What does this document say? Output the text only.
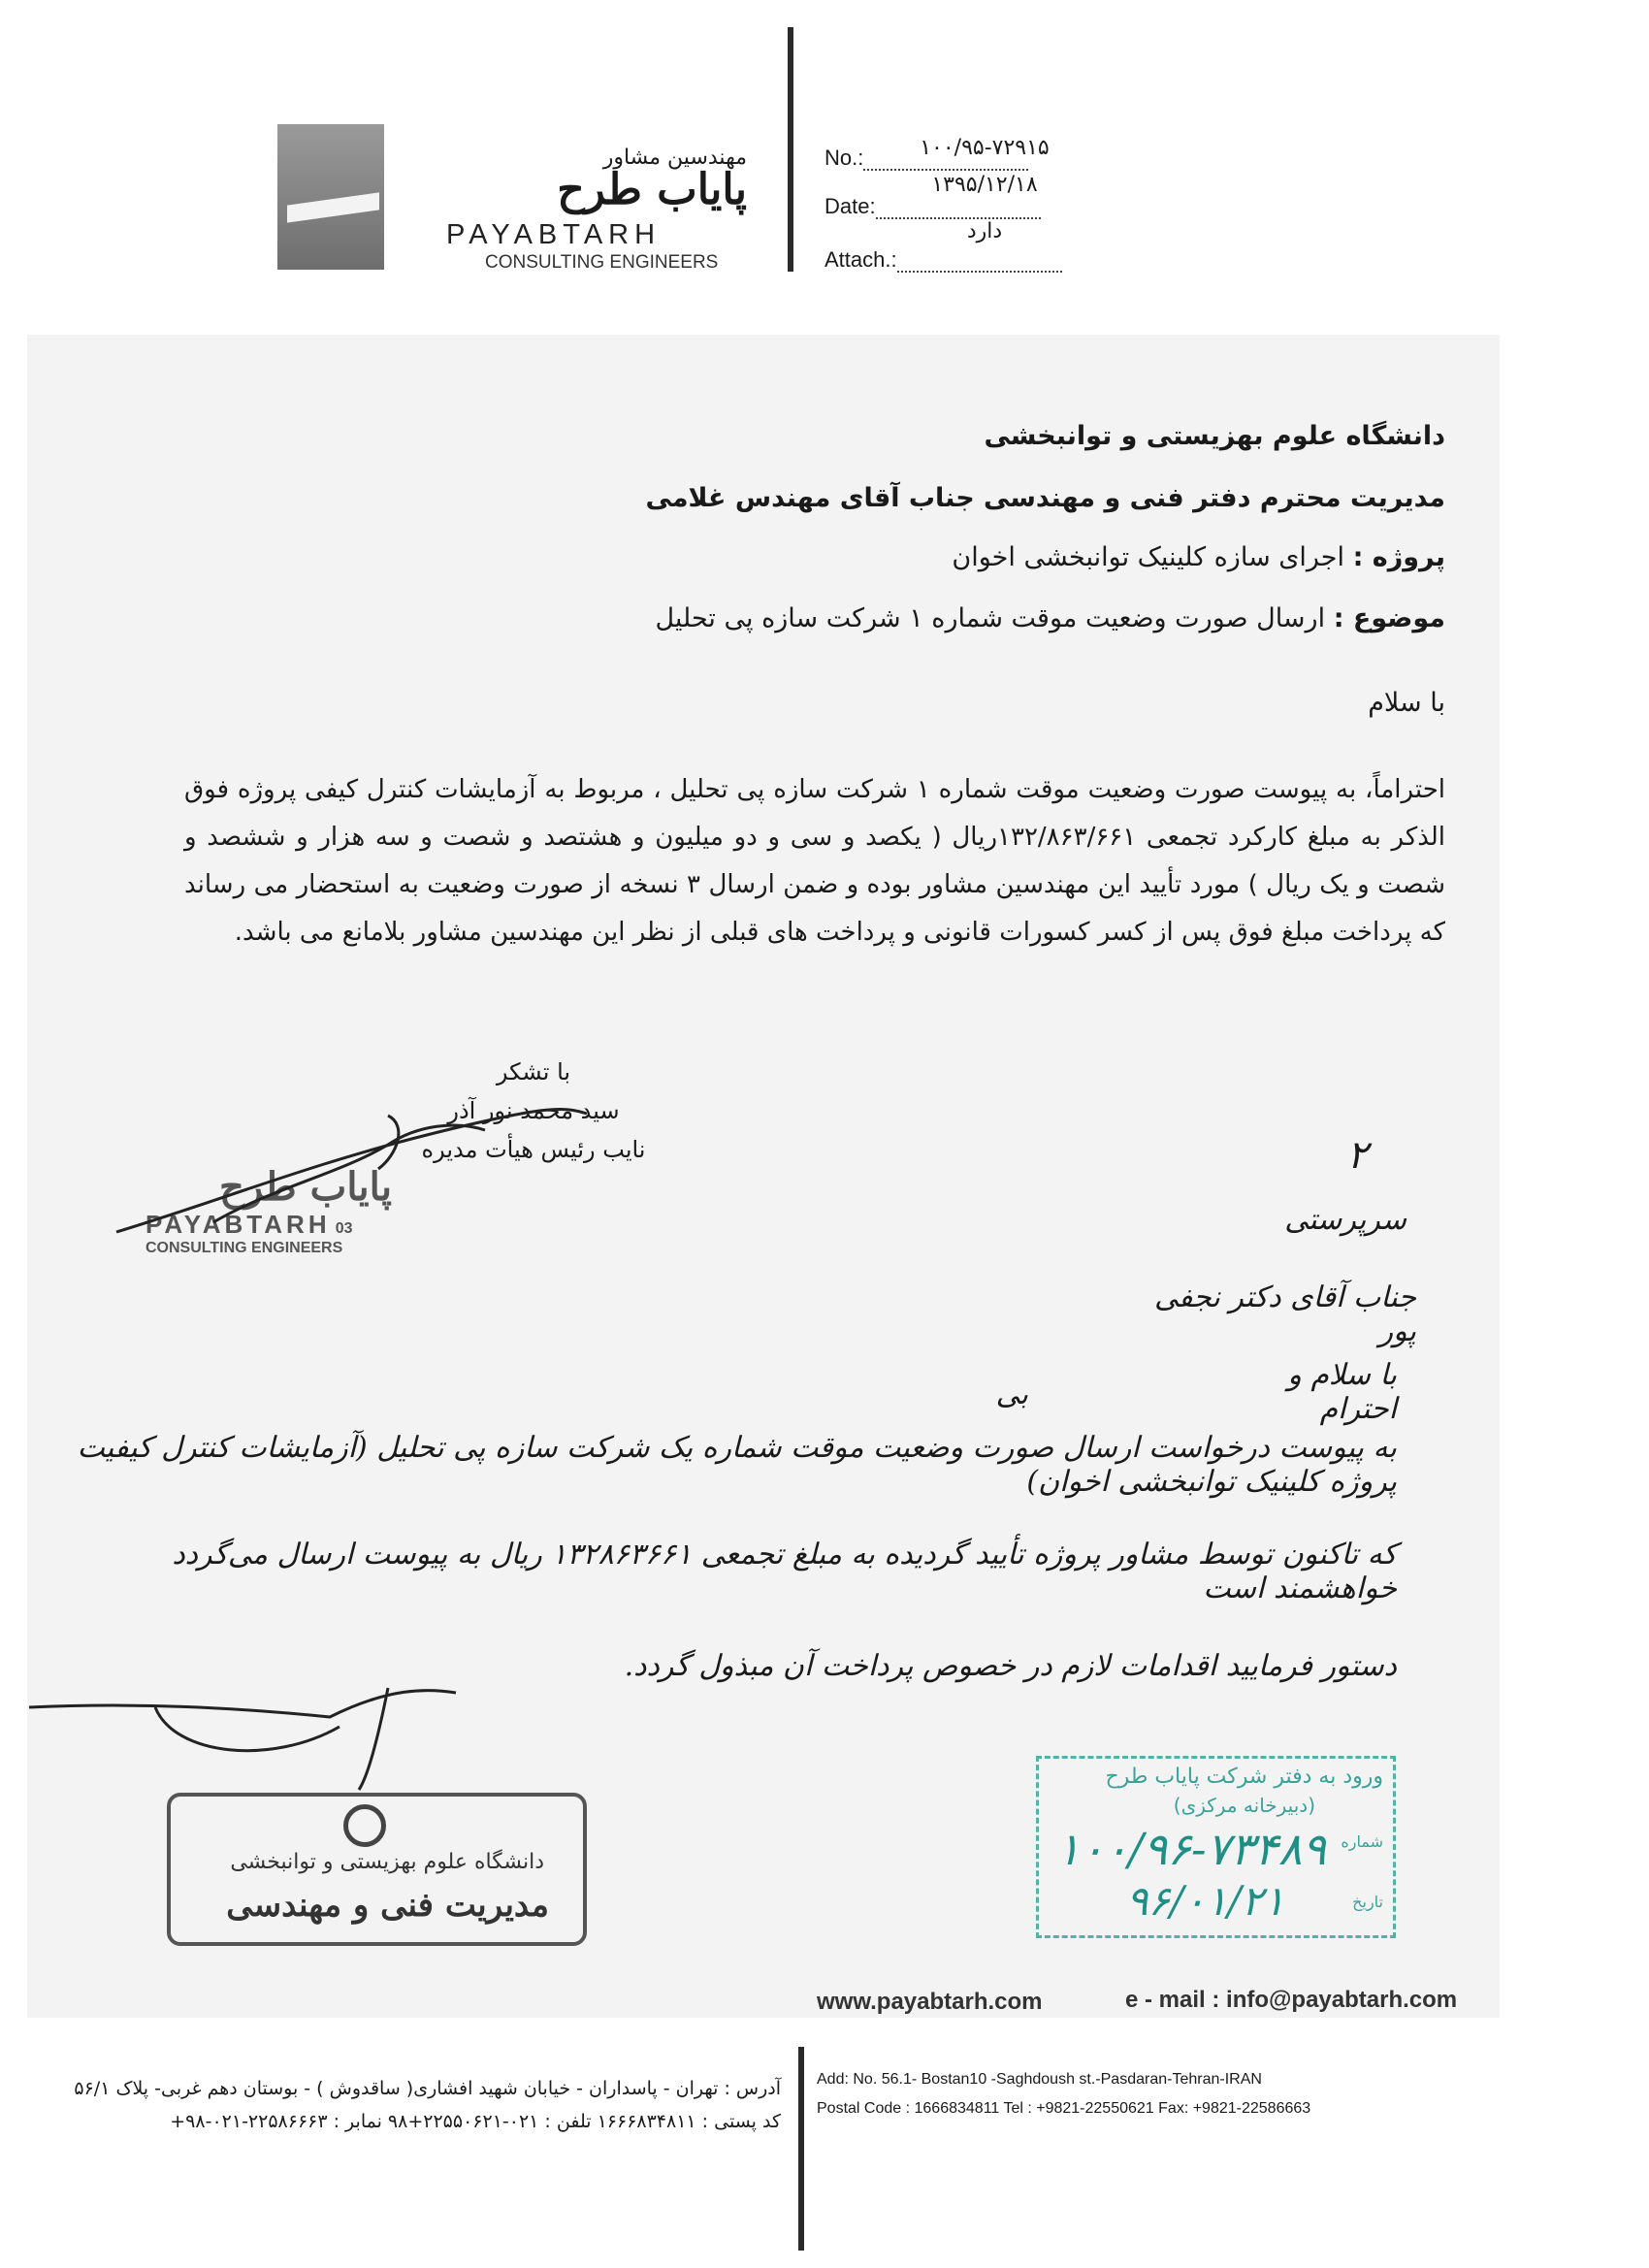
مهندسین مشاور
پایاب طرح
PAYABTARH
CONSULTING ENGINEERS
No.:	۱۰۰/۹۵-۷۲۹۱۵
Date:
۱۳۹۵/۱۲/۱۸
Attach.:
دارد
دانشگاه علوم بهزیستی و توانبخشی
مدیریت محترم دفتر فنی و مهندسی جناب آقای مهندس غلامی
پروژه : اجرای سازه کلینیک توانبخشی اخوان
موضوع : ارسال صورت وضعیت موقت شماره ۱ شرکت سازه پی تحلیل
با سلام
احتراماً، به پیوست صورت وضعیت موقت شماره ۱ شرکت سازه پی تحلیل ، مربوط به آزمایشات کنترل کیفی پروژه فوق الذکر به مبلغ کارکرد تجمعی ۱۳۲/۸۶۳/۶۶۱ریال ( یکصد و سی و دو میلیون و هشتصد و شصت و سه هزار و ششصد و شصت و یک ریال ) مورد تأیید این مهندسین مشاور بوده و ضمن ارسال ۳ نسخه از صورت وضعیت به استحضار می رساند که پرداخت مبلغ فوق پس از کسر کسورات قانونی و پرداخت های قبلی از نظر این مهندسین مشاور بلامانع می باشد.
با تشکر
سید محمد نور آذر
نایب رئیس هیأت مدیره
پایاب طرح
PAYABTARH 03
CONSULTING ENGINEERS
۲
سرپرستی
جناب آقای دکتر نجفی پور
با سلام و احترام
بی
به پیوست درخواست ارسال صورت وضعیت موقت شماره یک شرکت سازه پی تحلیل (آزمایشات کنترل کیفیت پروژه کلینیک توانبخشی اخوان)
که تاکنون توسط مشاور پروژه تأیید گردیده به مبلغ تجمعی ۱۳۲۸۶۳۶۶۱ ریال به پیوست ارسال می‌گردد خواهشمند است
دستور فرمایید اقدامات لازم در خصوص پرداخت آن مبذول گردد.
دانشگاه علوم بهزیستی و توانبخشی
مدیریت فنی و مهندسی
ورود به دفتر شرکت پایاب طرح
(دبیرخانه مرکزی)
شماره
تاریخ
۱۰۰/۹۶-۷۳۴۸۹
۹۶/۰۱/۲۱
www.payabtarh.com	e - mail : info@payabtarh.com
آدرس : تهران - پاسداران - خیابان شهید افشاری( ساقدوش ) - بوستان دهم غربی- پلاک ۵۶/۱
کد پستی : ۱۶۶۶۸۳۴۸۱۱ تلفن : ۰۲۱-۲۲۵۵۰۶۲۱+۹۸ نمابر : ۲۲۵۸۶۶۶۳-۰۲۱-۹۸+
Add: No. 56.1- Bostan10 -Saghdoush st.-Pasdaran-Tehran-IRAN
Postal Code : 1666834811 Tel : +9821-22550621 Fax: +9821-22586663
